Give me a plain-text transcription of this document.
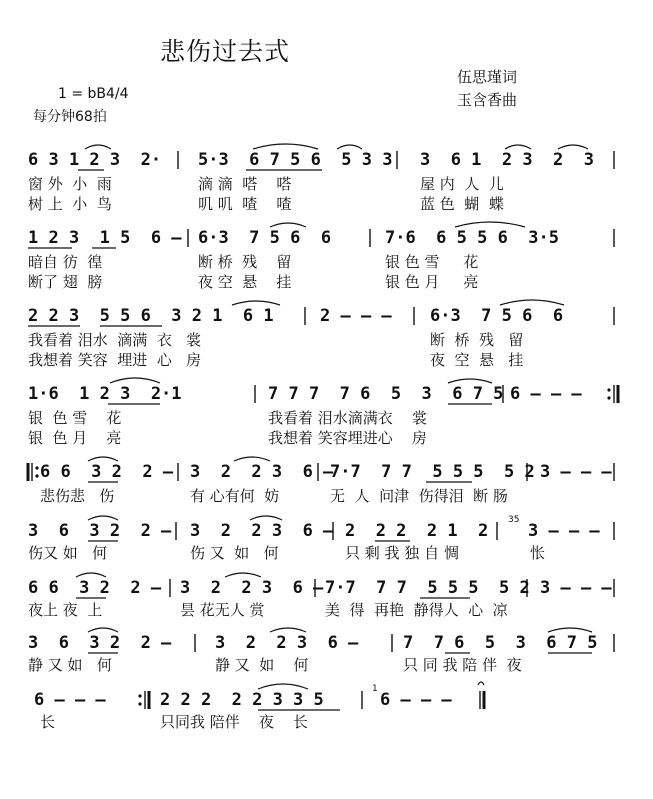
悲伤过去式
伍思瑾词
玉含香曲
1 = bB4/4
每分钟68拍

6 3 1 2 3  2·

5·3  6 7 5 6  5 3 3

3  6 1  2 3  2  3

窗 外  小  雨

	滴 滴  嗒    嗒

	屋 内  人  儿

树 上  小  鸟

	叽 叽  喳    喳

	蓝 色  蝴  蝶

1 2 3  1 5  6 –

6·3  7 5 6  6

	7·6  6 5 5 6  3·5

暗自 彷  徨

	断 桥  残    留

	银 色 雪     花

断了 翅  膀

	夜 空  悬    挂

	银 色 月     亮

2 2 3  5 5 6  3 2 1  6 1

	2 – – –

6·3  7 5 6  6

我看着 泪水  滴满  衣   裳

	断  桥  残   留

我想着 笑容  埋进  心   房

	夜  空  悬   挂

1·6  1 2 3  2·1

	7 7 7  7 6  5  3  6 7 5

6 – – –

银  色 雪    花

	我看着 泪水滴满衣    裳

银  色 月    亮

	我想着 笑容埋进心    房

6 6  3 2  2 –

3  2  2 3  6 –

7·7  7 7  5 5 5  5 2

3 – – –

悲伤悲   伤

	有 心有何  妨

	无  人  问津  伤得泪  断 肠

3  6  3 2  2 –

3  2  2 3  6 –

2  2 2  2 1  2

3 – – –

35

伤又 如   何

	伤 又  如   何

	只 剩 我 独 自 惆

	怅

6 6  3 2  2 –

3  2  2 3  6 –

7·7  7 7  5 5 5  5 2

3 – – –

夜上 夜  上

	昙 花无人 赏

	美  得  再艳  静得人  心  凉

3  6  3 2  2 –

	3  2  2 3  6 –

	7  7 6  5  3  6 7 5

静 又 如   何

	静 又  如    何

	只 同 我 陪 伴  夜

6 – – –

	2 2 2  2 2 3 3 5

	6 – – –

1

长

	只同我 陪伴    夜    长
